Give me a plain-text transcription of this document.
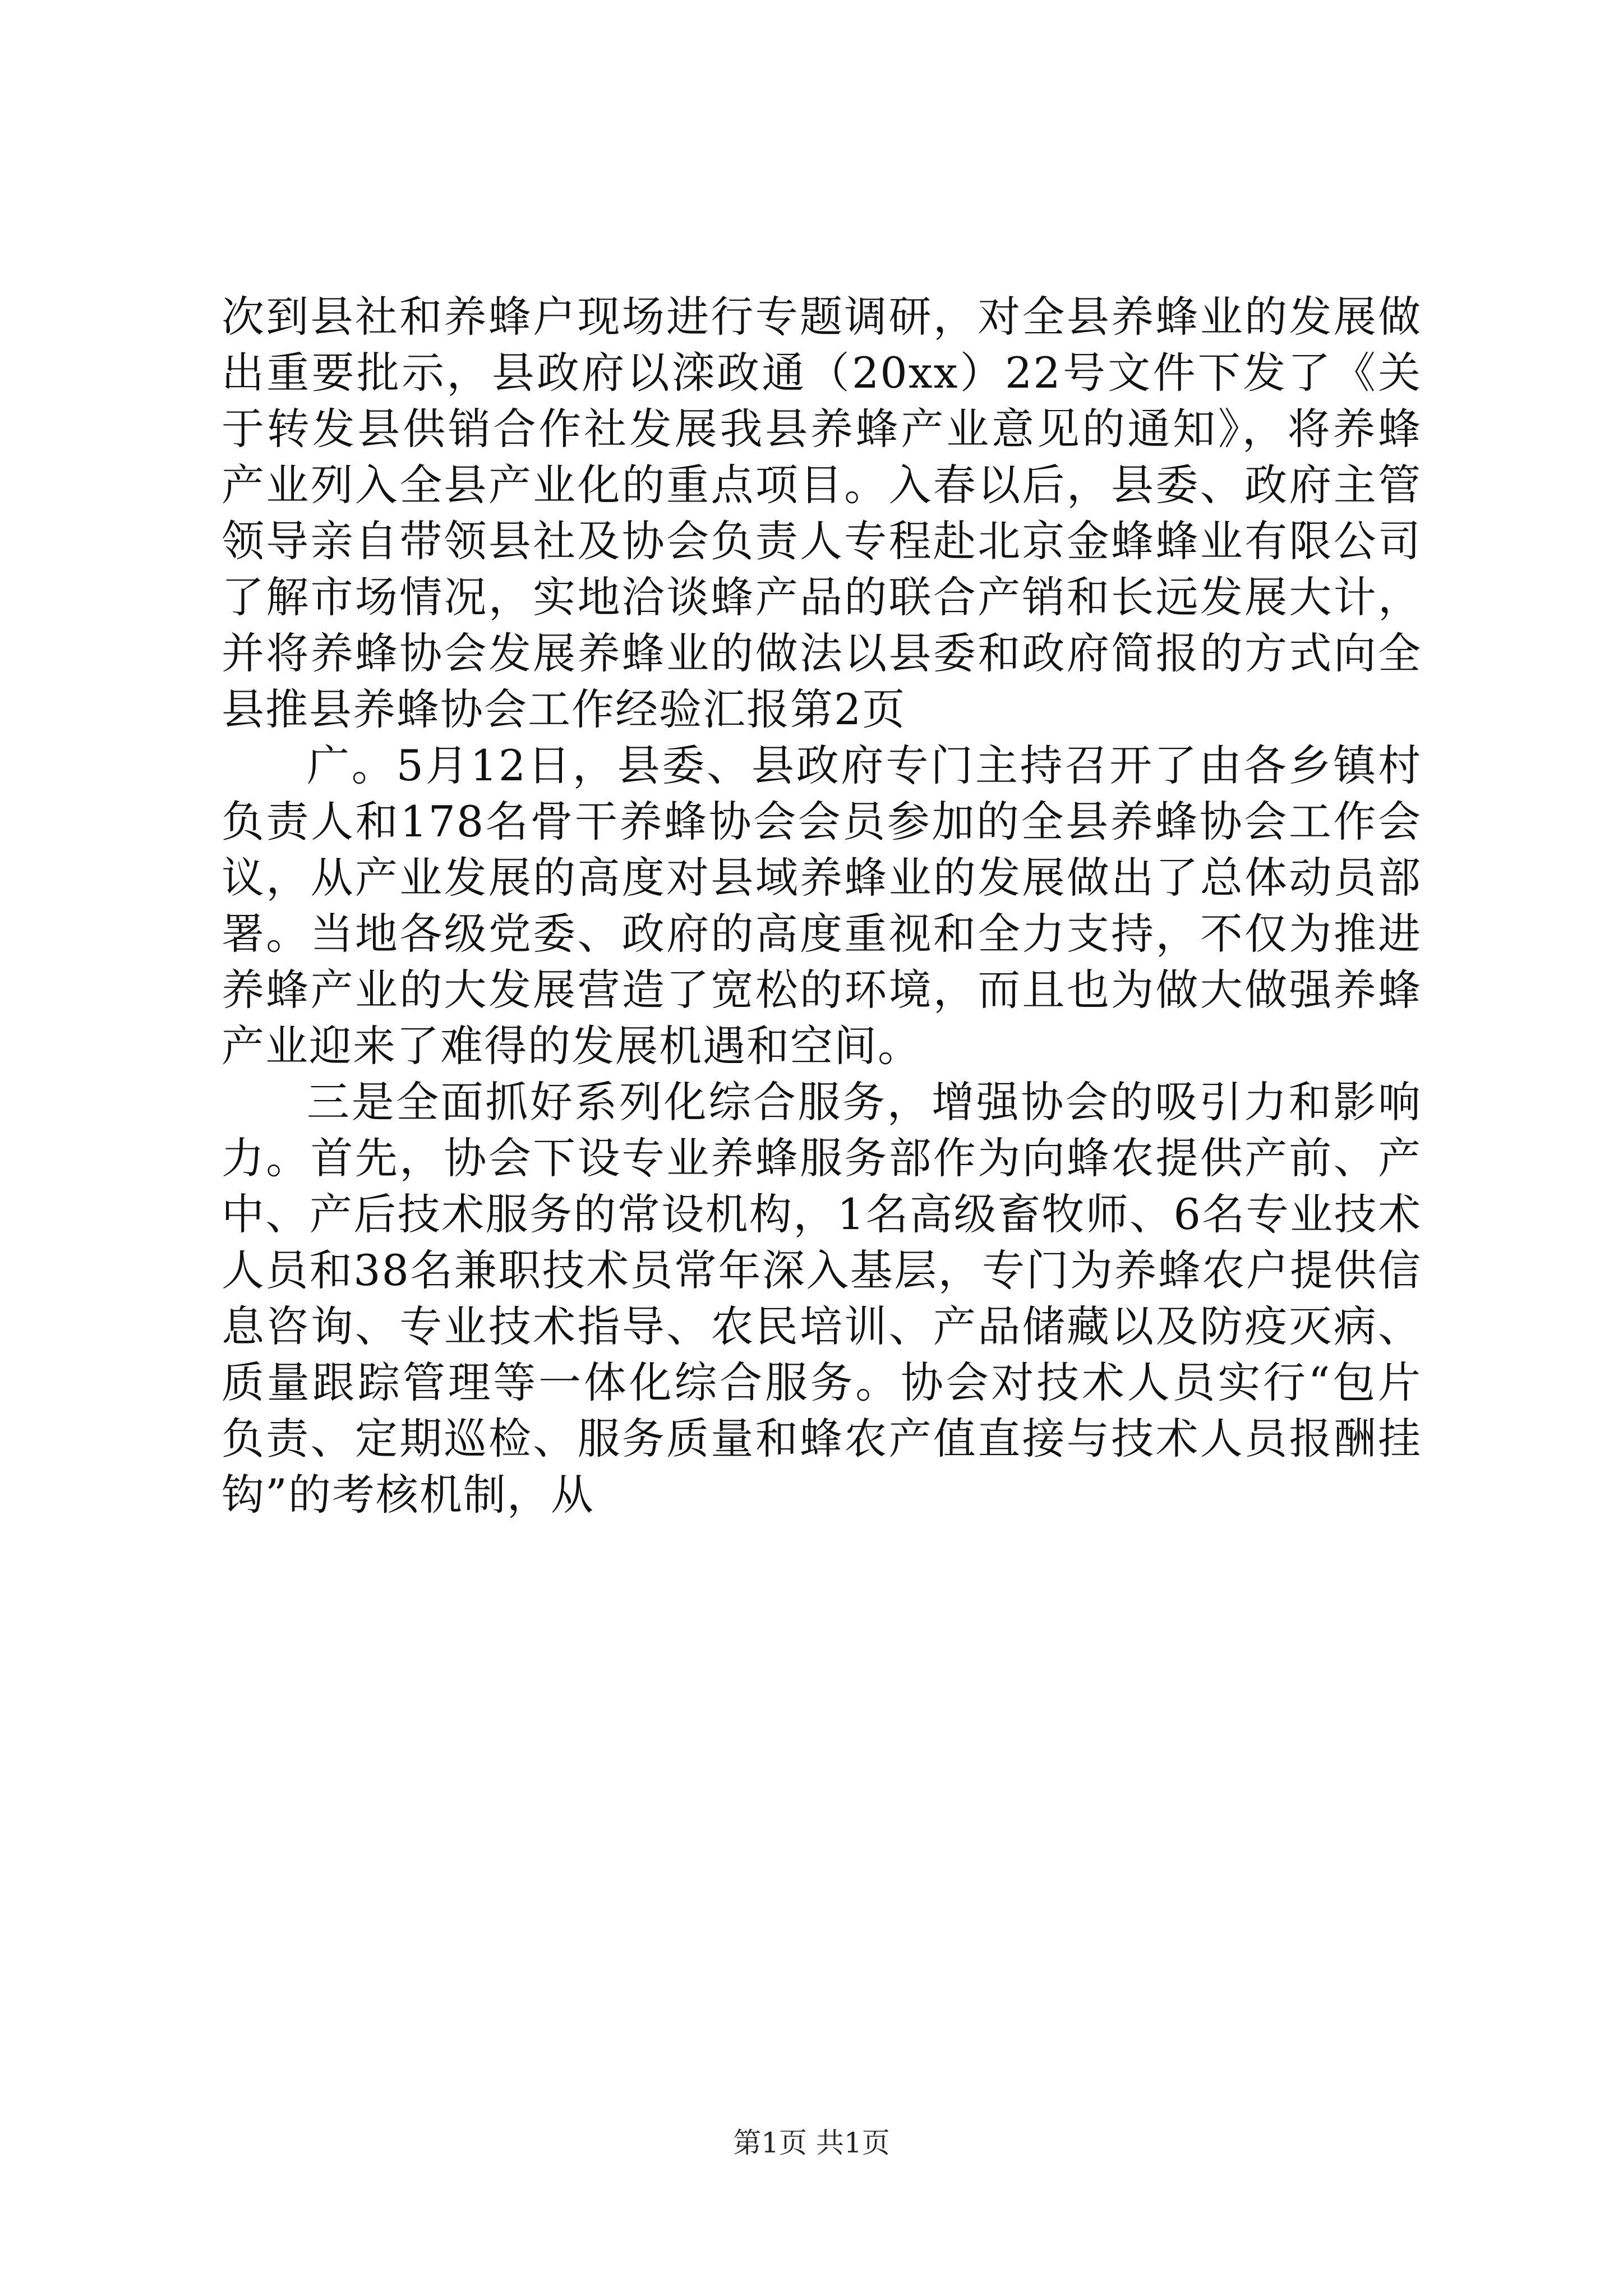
次到县社和养蜂户现场进行专题调研，对全县养蜂业的发展做出重要批示，县政府以滦政通（20xx）22号文件下发了《关于转发县供销合作社发展我县养蜂产业意见的通知》，将养蜂产业列入全县产业化的重点项目。入春以后，县委、政府主管领导亲自带领县社及协会负责人专程赴北京金蜂蜂业有限公司了解市场情况，实地洽谈蜂产品的联合产销和长远发展大计，并将养蜂协会发展养蜂业的做法以县委和政府简报的方式向全县推县养蜂协会工作经验汇报第2页

广。5月12日，县委、县政府专门主持召开了由各乡镇村负责人和178名骨干养蜂协会会员参加的全县养蜂协会工作会议，从产业发展的高度对县域养蜂业的发展做出了总体动员部署。当地各级党委、政府的高度重视和全力支持，不仅为推进养蜂产业的大发展营造了宽松的环境，而且也为做大做强养蜂产业迎来了难得的发展机遇和空间。

三是全面抓好系列化综合服务，增强协会的吸引力和影响力。首先，协会下设专业养蜂服务部作为向蜂农提供产前、产中、产后技术服务的常设机构，1名高级畜牧师、6名专业技术人员和38名兼职技术员常年深入基层，专门为养蜂农户提供信息咨询、专业技术指导、农民培训、产品储藏以及防疫灭病、质量跟踪管理等一体化综合服务。协会对技术人员实行“包片负责、定期巡检、服务质量和蜂农产值直接与技术人员报酬挂钩”的考核机制，从

第1页 共1页
